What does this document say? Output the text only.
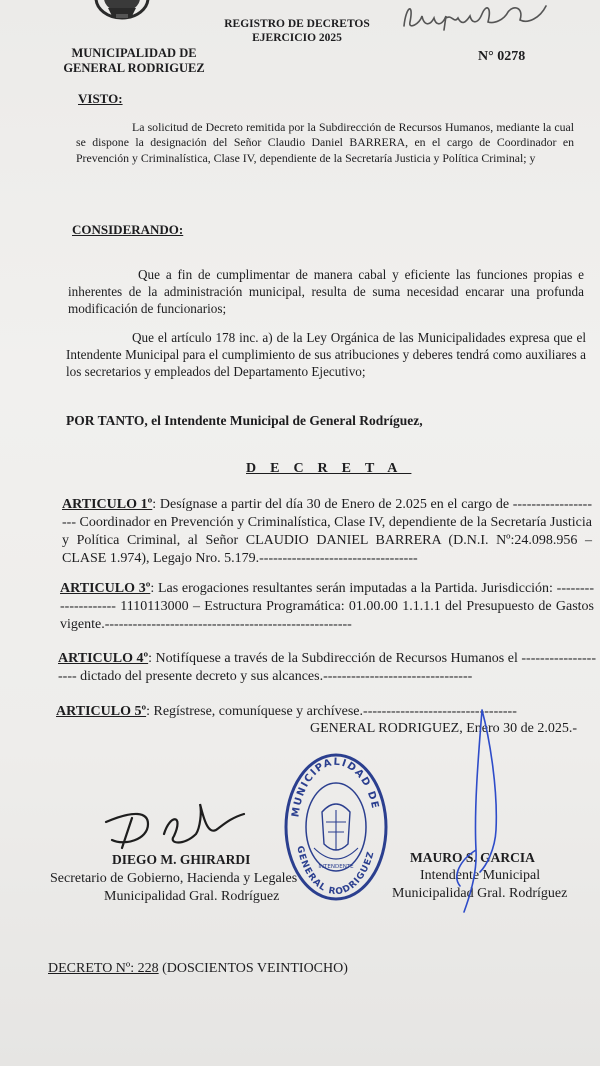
MUNICIPALIDAD DE
GENERAL RODRIGUEZ
REGISTRO DE DECRETOS
EJERCICIO 2025
N° 0278
VISTO:
La solicitud de Decreto remitida por la Subdirección de Recursos Humanos, mediante la cual se dispone la designación del Señor Claudio Daniel BARRERA, en el cargo de Coordinador en Prevención y Criminalística, Clase IV, dependiente de la Secretaría Justicia y Política Criminal; y
CONSIDERANDO:
Que a fin de cumplimentar de manera cabal y eficiente las funciones propias e inherentes de la administración municipal, resulta de suma necesidad encarar una profunda modificación de funcionarios;
Que el artículo 178 inc. a) de la Ley Orgánica de las Municipalidades expresa que el Intendente Municipal para el cumplimiento de sus atribuciones y deberes tendrá como auxiliares a los secretarios y empleados del Departamento Ejecutivo;
POR TANTO, el Intendente Municipal de General Rodríguez,
DECRETA
ARTICULO 1º: Desígnase a partir del día 30 de Enero de 2.025 en el cargo de -------------------- Coordinador en Prevención y Criminalística, Clase IV, dependiente de la Secretaría Justicia y Política Criminal, al Señor CLAUDIO DANIEL BARRERA (D.N.I. Nº:24.098.956 – CLASE 1.974), Legajo Nro. 5.179.----------------------------------
ARTICULO 3º: Las erogaciones resultantes serán imputadas a la Partida. Jurisdicción: -------------------- 1110113000 – Estructura Programática: 01.00.00 1.1.1.1 del Presupuesto de Gastos vigente.-----------------------------------------------------
ARTICULO 4º: Notifíquese a través de la Subdirección de Recursos Humanos el -------------------- dictado del presente decreto y sus alcances.--------------------------------
ARTICULO 5º: Regístrese, comuníquese y archívese.---------------------------------
GENERAL RODRIGUEZ, Enero 30 de 2.025.-
MUNICIPALIDAD DE
GENERAL RODRIGUEZ
INTENDENTE
DIEGO M. GHIRARDI
Secretario de Gobierno, Hacienda y Legales
Municipalidad Gral. Rodríguez
MAURO S. GARCIA
Intendente Municipal
Municipalidad Gral. Rodríguez
DECRETO Nº: 228 (DOSCIENTOS VEINTIOCHO)
